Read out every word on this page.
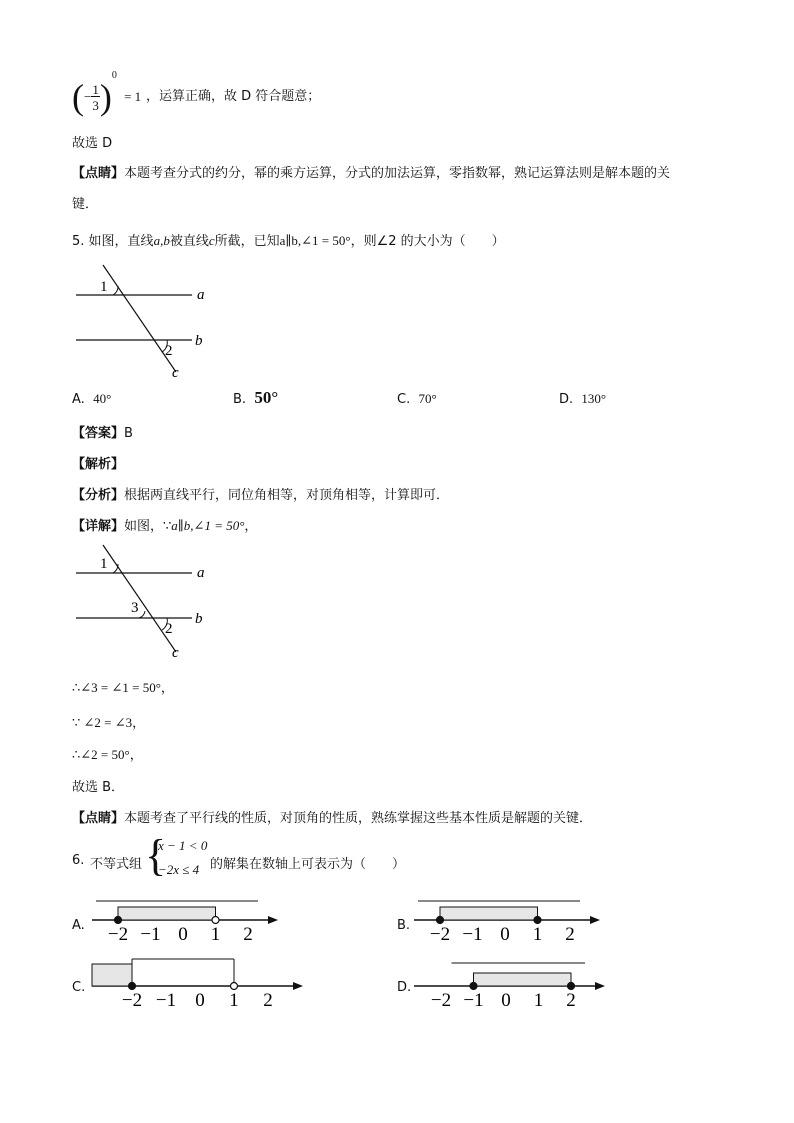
(− $\frac{1}{3} )^0 = 1$ ，运算正确，故 D 符合题意；
故选 D
【点睛】本题考查分式的约分，幂的乘方运算，分式的加法运算，零指数幂，熟记运算法则是解本题的关
键．
5. 如图，直线a,b被直线c所截，已知a∥b,∠1 = 50°，则∠2 的大小为（　　）
1
2
a
b
c
A. 40°	B. 50°	C. 70°	D. 130°
【答案】B
【解析】
【分析】根据两直线平行，同位角相等，对顶角相等，计算即可．
【详解】如图，∵a∥b,∠1 = 50°，
1
3
2
a
b
c
∴∠3 = ∠1 = 50°，
∵ ∠2 = ∠3，
∴∠2 = 50°，
故选 B．
【点睛】本题考查了平行线的性质，对顶角的性质，熟练掌握这些基本性质是解题的关键．
6. 不等式组 {
x − 1 < 0
−2x ≤ 4 的解集在数轴上可表示为（　　）
A. −2 −1 0 1 2	B. −2 −1 0 1 2
C.
−2 −1 0 1 2
D.
−2 −1 0 1 2
